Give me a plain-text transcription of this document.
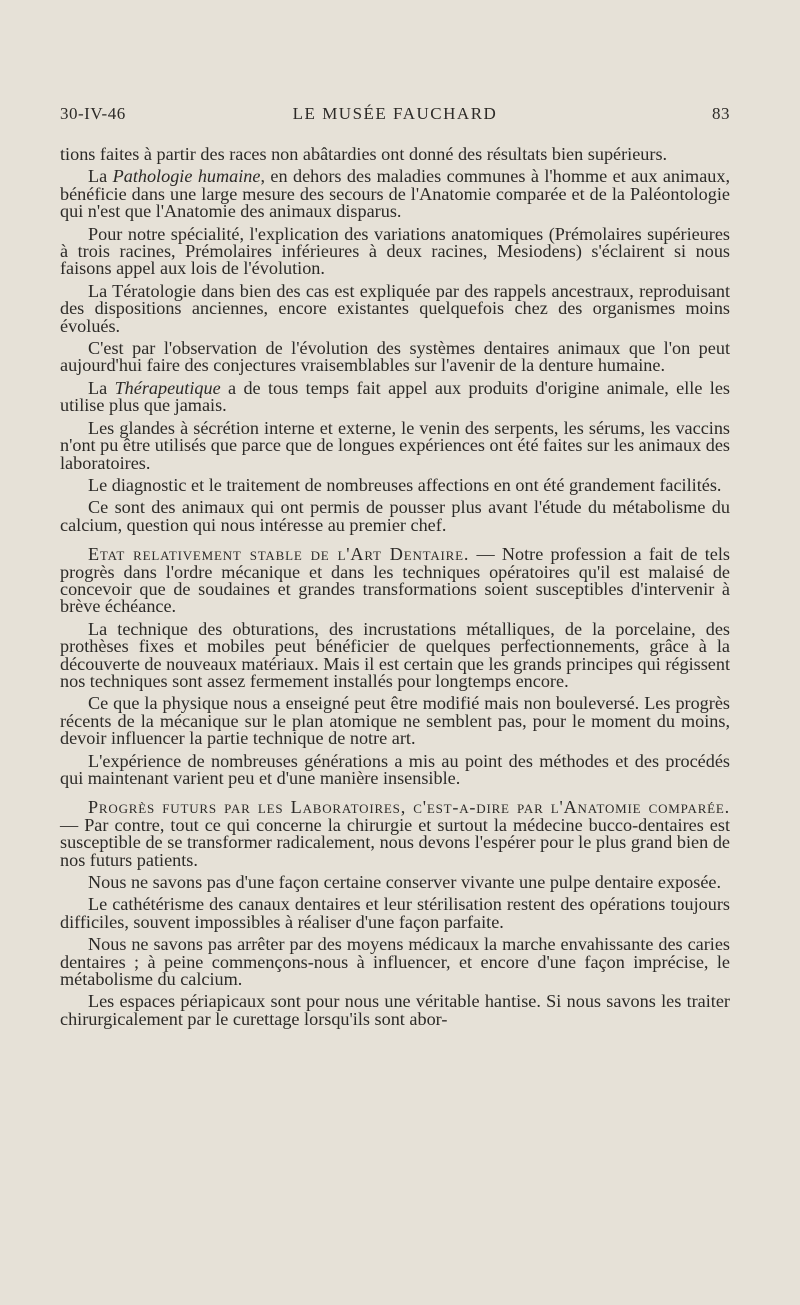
30-IV-46	LE MUSÉE FAUCHARD	83

tions faites à partir des races non abâtardies ont donné des résultats bien supérieurs.

La Pathologie humaine, en dehors des maladies communes à l'homme et aux animaux, bénéficie dans une large mesure des secours de l'Anatomie comparée et de la Paléontologie qui n'est que l'Anatomie des animaux disparus.

Pour notre spécialité, l'explication des variations anatomiques (Prémolaires supérieures à trois racines, Prémolaires inférieures à deux racines, Mesiodens) s'éclairent si nous faisons appel aux lois de l'évolution.

La Tératologie dans bien des cas est expliquée par des rappels ancestraux, reproduisant des dispositions anciennes, encore existantes quelquefois chez des organismes moins évolués.

C'est par l'observation de l'évolution des systèmes dentaires animaux que l'on peut aujourd'hui faire des conjectures vraisemblables sur l'avenir de la denture humaine.

La Thérapeutique a de tous temps fait appel aux produits d'origine animale, elle les utilise plus que jamais.

Les glandes à sécrétion interne et externe, le venin des serpents, les sérums, les vaccins n'ont pu être utilisés que parce que de longues expériences ont été faites sur les animaux des laboratoires.

Le diagnostic et le traitement de nombreuses affections en ont été grandement facilités.

Ce sont des animaux qui ont permis de pousser plus avant l'étude du métabolisme du calcium, question qui nous intéresse au premier chef.

Etat relativement stable de l'Art Dentaire. — Notre profession a fait de tels progrès dans l'ordre mécanique et dans les techniques opératoires qu'il est malaisé de concevoir que de soudaines et grandes transformations soient susceptibles d'intervenir à brève échéance.

La technique des obturations, des incrustations métalliques, de la porcelaine, des prothèses fixes et mobiles peut bénéficier de quelques perfectionnements, grâce à la découverte de nouveaux matériaux. Mais il est certain que les grands principes qui régissent nos techniques sont assez fermement installés pour longtemps encore.

Ce que la physique nous a enseigné peut être modifié mais non bouleversé. Les progrès récents de la mécanique sur le plan atomique ne semblent pas, pour le moment du moins, devoir influencer la partie technique de notre art.

L'expérience de nombreuses générations a mis au point des méthodes et des procédés qui maintenant varient peu et d'une manière insensible.

Progrès futurs par les Laboratoires, c'est-a-dire par l'Anatomie comparée. — Par contre, tout ce qui concerne la chirurgie et surtout la médecine bucco-dentaires est susceptible de se transformer radicalement, nous devons l'espérer pour le plus grand bien de nos futurs patients.

Nous ne savons pas d'une façon certaine conserver vivante une pulpe dentaire exposée.

Le cathétérisme des canaux dentaires et leur stérilisation restent des opérations toujours difficiles, souvent impossibles à réaliser d'une façon parfaite.

Nous ne savons pas arrêter par des moyens médicaux la marche envahissante des caries dentaires ; à peine commençons-nous à influencer, et encore d'une façon imprécise, le métabolisme du calcium.

Les espaces périapicaux sont pour nous une véritable hantise. Si nous savons les traiter chirurgicalement par le curettage lorsqu'ils sont abor-
